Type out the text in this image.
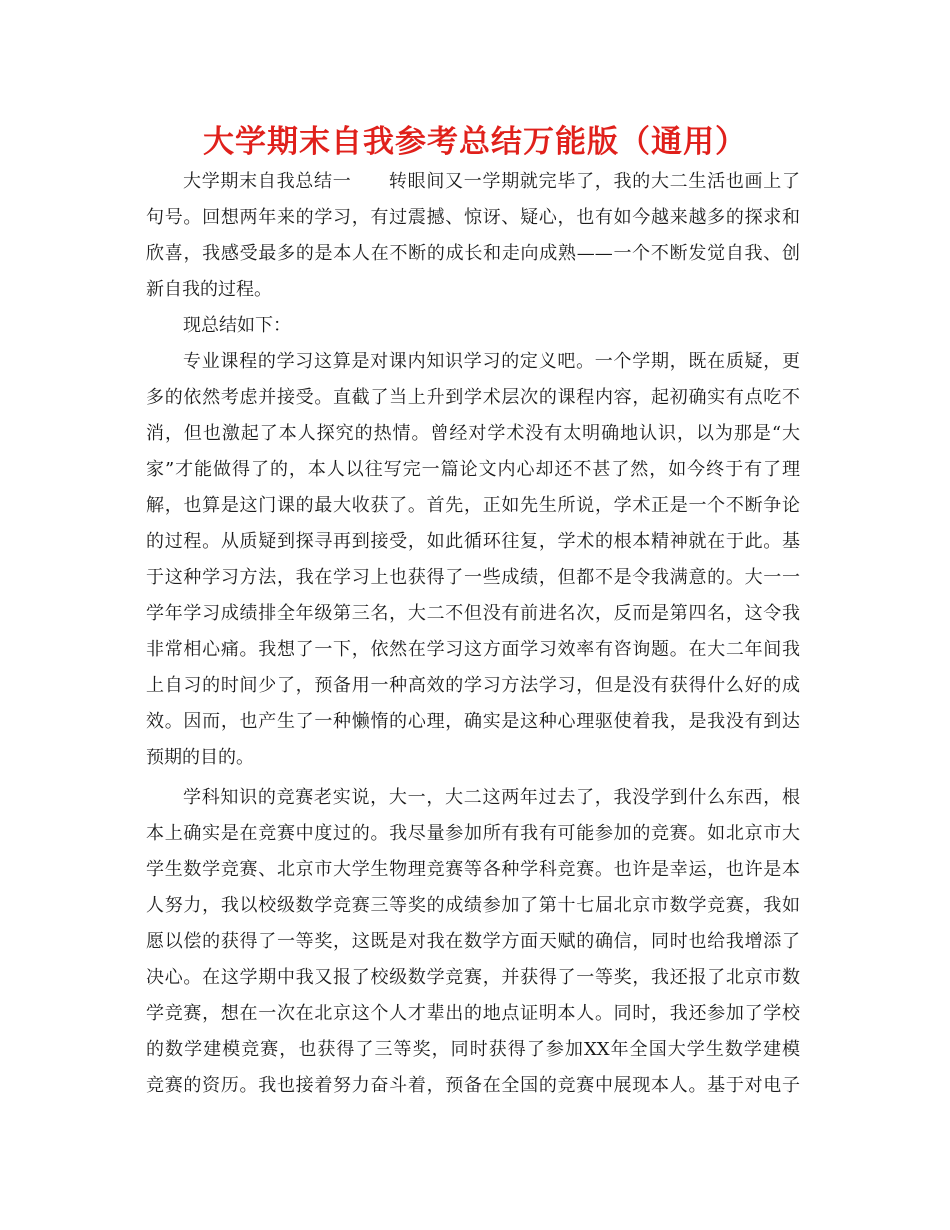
大学期末自我参考总结万能版（通用）
大学期末自我总结一　　转眼间又一学期就完毕了，我的大二生活也画上了
句号。回想两年来的学习，有过震撼、惊讶、疑心，也有如今越来越多的探求和
欣喜，我感受最多的是本人在不断的成长和走向成熟——一个不断发觉自我、创
新自我的过程。
现总结如下：
专业课程的学习这算是对课内知识学习的定义吧。一个学期，既在质疑，更
多的依然考虑并接受。直截了当上升到学术层次的课程内容，起初确实有点吃不
消，但也激起了本人探究的热情。曾经对学术没有太明确地认识，以为那是“大
家”才能做得了的，本人以往写完一篇论文内心却还不甚了然，如今终于有了理
解，也算是这门课的最大收获了。首先，正如先生所说，学术正是一个不断争论
的过程。从质疑到探寻再到接受，如此循环往复，学术的根本精神就在于此。基
于这种学习方法，我在学习上也获得了一些成绩，但都不是令我满意的。大一一
学年学习成绩排全年级第三名，大二不但没有前进名次，反而是第四名，这令我
非常相心痛。我想了一下，依然在学习这方面学习效率有咨询题。在大二年间我
上自习的时间少了，预备用一种高效的学习方法学习，但是没有获得什么好的成
效。因而，也产生了一种懒惰的心理，确实是这种心理驱使着我，是我没有到达
预期的目的。
学科知识的竞赛老实说，大一，大二这两年过去了，我没学到什么东西，根
本上确实是在竞赛中度过的。我尽量参加所有我有可能参加的竞赛。如北京市大
学生数学竞赛、北京市大学生物理竞赛等各种学科竞赛。也许是幸运，也许是本
人努力，我以校级数学竞赛三等奖的成绩参加了第十七届北京市数学竞赛，我如
愿以偿的获得了一等奖，这既是对我在数学方面天赋的确信，同时也给我增添了
决心。在这学期中我又报了校级数学竞赛，并获得了一等奖，我还报了北京市数
学竞赛，想在一次在北京这个人才辈出的地点证明本人。同时，我还参加了学校
的数学建模竞赛，也获得了三等奖，同时获得了参加XX年全国大学生数学建模
竞赛的资历。我也接着努力奋斗着，预备在全国的竞赛中展现本人。基于对电子
